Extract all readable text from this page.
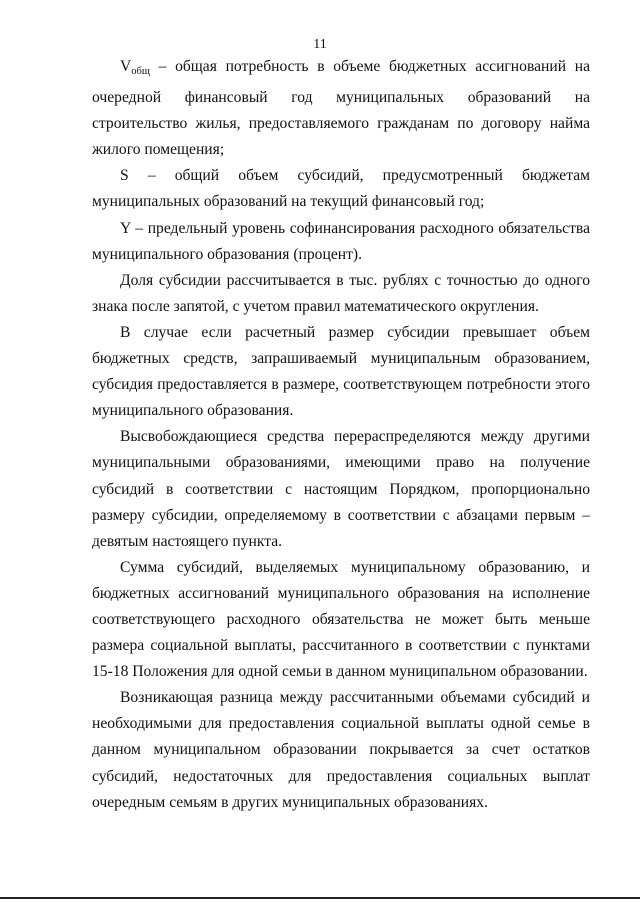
11

$V_{общ}$ – общая потребность в объеме бюджетных ассигнований на очередной финансовый год муниципальных образований на строительство жилья, предоставляемого гражданам по договору найма жилого помещения;

S – общий объем субсидий, предусмотренный бюджетам муниципальных образований на текущий финансовый год;

Y – предельный уровень софинансирования расходного обязательства муниципального образования (процент).

Доля субсидии рассчитывается в тыс. рублях с точностью до одного знака после запятой, с учетом правил математического округления.

В случае если расчетный размер субсидии превышает объем бюджетных средств, запрашиваемый муниципальным образованием, субсидия предоставляется в размере, соответствующем потребности этого муниципального образования.

Высвобождающиеся средства перераспределяются между другими муниципальными образованиями, имеющими право на получение субсидий в соответствии с настоящим Порядком, пропорционально размеру субсидии, определяемому в соответствии с абзацами первым – девятым настоящего пункта.

Сумма субсидий, выделяемых муниципальному образованию, и бюджетных ассигнований муниципального образования на исполнение соответствующего расходного обязательства не может быть меньше размера социальной выплаты, рассчитанного в соответствии с пунктами 15-18 Положения для одной семьи в данном муниципальном образовании.

Возникающая разница между рассчитанными объемами субсидий и необходимыми для предоставления социальной выплаты одной семье в данном муниципальном образовании покрывается за счет остатков субсидий, недостаточных для предоставления социальных выплат очередным семьям в других муниципальных образованиях.
